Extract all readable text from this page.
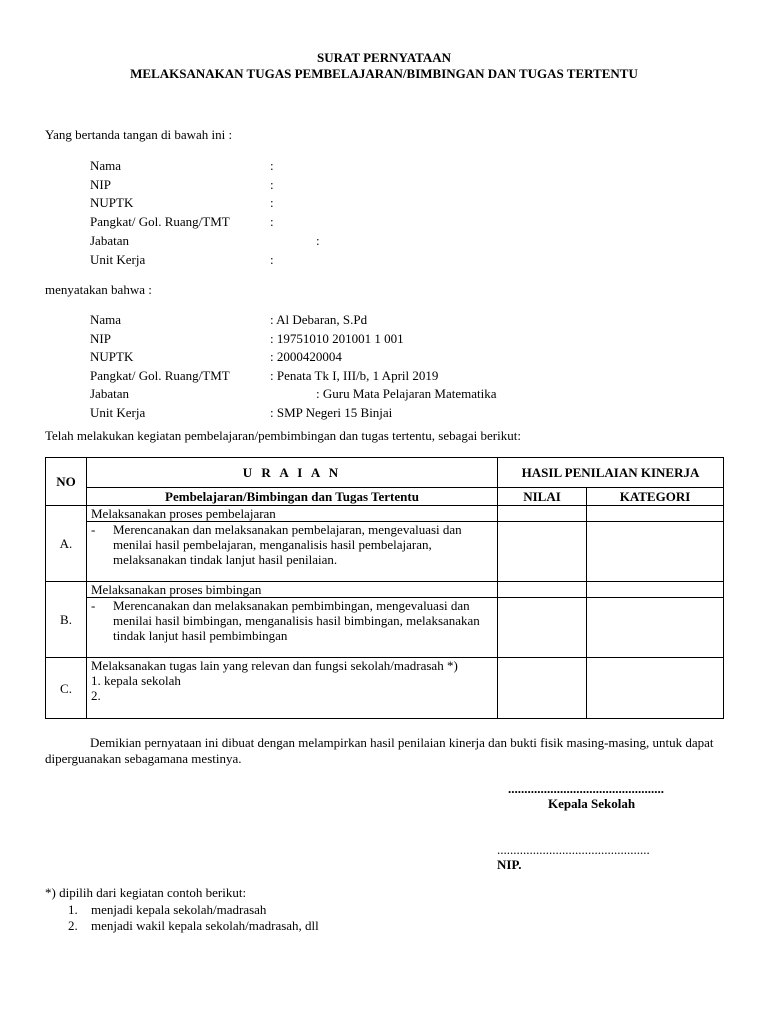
SURAT PERNYATAAN
MELAKSANAKAN TUGAS PEMBELAJARAN/BIMBINGAN DAN TUGAS TERTENTU
Yang bertanda tangan di bawah ini :
Nama	:
NIP	:
NUPTK	:
Pangkat/ Gol. Ruang/TMT	:
Jabatan	:
Unit Kerja	:
menyatakan bahwa :
Nama	: Al Debaran, S.Pd
NIP	: 19751010 201001 1 001
NUPTK	: 2000420004
Pangkat/ Gol. Ruang/TMT	: Penata Tk I, III/b, 1 April 2019
Jabatan	: Guru Mata Pelajaran Matematika
Unit Kerja	: SMP Negeri 15 Binjai
Telah melakukan kegiatan pembelajaran/pembimbingan dan tugas tertentu, sebagai berikut:
NO	U R A I A N	HASIL PENILAIAN KINERJA	
	Pembelajaran/Bimbingan dan Tugas Tertentu	NILAI	KATEGORI
A.	Melaksanakan proses pembelajaran		

	- Merencanakan dan melaksanakan pembelajaran, mengevaluasi dan menilai hasil pembelajaran, menganalisis hasil pembelajaran, melaksanakan tindak lanjut hasil penilaian.		

B.	Melaksanakan proses bimbingan		

	- Merencanakan dan melaksanakan pembimbingan, mengevaluasi dan menilai hasil bimbingan, menganalisis hasil bimbingan, melaksanakan tindak lanjut hasil pembimbingan		

C.	Melaksanakan tugas lain yang relevan dan fungsi sekolah/madrasah *)
1. kepala sekolah
2.		

Demikian pernyataan ini dibuat dengan melampirkan hasil penilaian kinerja dan bukti fisik masing-masing, untuk dapat diperguanakan sebagamana mestinya.
................................................
Kepala Sekolah
...............................................
NIP.
*) dipilih dari kegiatan contoh berikut:
1. menjadi kepala sekolah/madrasah
2. menjadi wakil kepala sekolah/madrasah, dll
